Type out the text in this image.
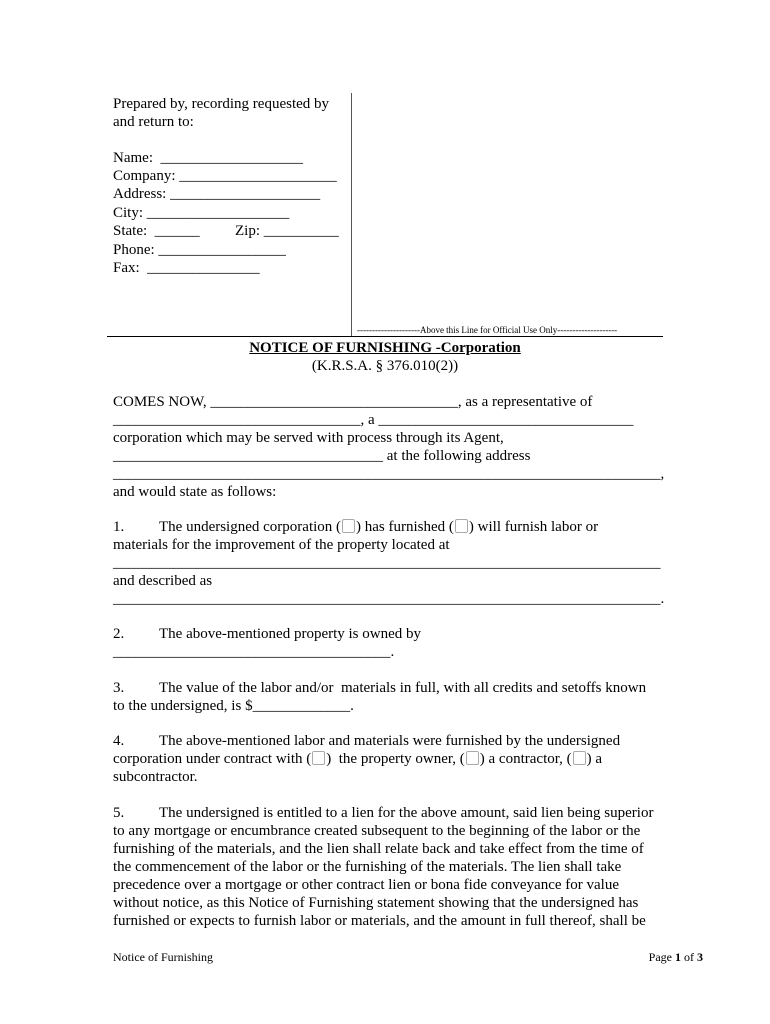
Prepared by, recording requested by
and return to:
Name:  ___________________
Company: _____________________
Address: ____________________
City: ___________________
State:  ______ Zip: __________
Phone: _________________
Fax:  _______________
---------------------Above this Line for Official Use Only--------------------
NOTICE OF FURNISHING -Corporation
(K.R.S.A. § 376.010(2))
COMES NOW, _________________________________, as a representative of
_________________________________, a __________________________________
corporation which may be served with process through its Agent,
____________________________________ at the following address
_________________________________________________________________________,
and would state as follows:
1. The undersigned corporation ( ) has furnished ( ) will furnish labor or
materials for the improvement of the property located at
_________________________________________________________________________
and described as
_________________________________________________________________________.
2. The above-mentioned property is owned by
_____________________________________.
3. The value of the labor and/or  materials in full, with all credits and setoffs known
to the undersigned, is $_____________.
4. The above-mentioned labor and materials were furnished by the undersigned
corporation under contract with ( )  the property owner, ( ) a contractor, ( ) a
subcontractor.
5. The undersigned is entitled to a lien for the above amount, said lien being superior
to any mortgage or encumbrance created subsequent to the beginning of the labor or the
furnishing of the materials, and the lien shall relate back and take effect from the time of
the commencement of the labor or the furnishing of the materials. The lien shall take
precedence over a mortgage or other contract lien or bona fide conveyance for value
without notice, as this Notice of Furnishing statement showing that the undersigned has
furnished or expects to furnish labor or materials, and the amount in full thereof, shall be
Notice of Furnishing	Page 1 of 3
